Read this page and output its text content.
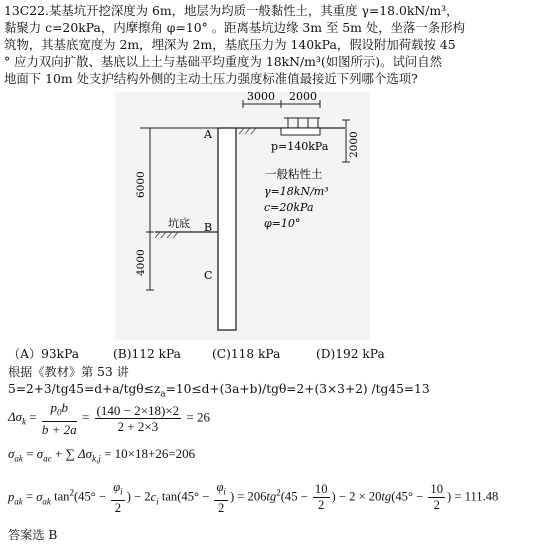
13C22.某基坑开挖深度为 6m，地层为均质一般黏性土，其重度 γ=18.0kN/m³，
黏聚力 c=20kPa，内摩擦角 φ=10° 。距离基坑边缘 3m 至 5m 处，坐落一条形构
筑物，其基底宽度为 2m，埋深为 2m，基底压力为 140kPa，假设附加荷载按 45
° 应力双向扩散、基底以上土与基础平均重度为 18kN/m³(如图所示)。试问自然
地面下 10m 处支护结构外侧的主动土压力强度标准值最接近下列哪个选项?
3000 2000
A
B
C
p=140kPa 2000
一般粘性土
γ=18kN/m³
c=20kPa
φ=10°
6000
4000
坑底
（A）93kPa	(B)112 kPa	(C)118 kPa	(D)192 kPa
根据《教材》第 53 讲
$5=2+3/tg45=d+a/tg\theta\le z_a=10\le d+(3a+b)/tg\theta=2+(3\times 3+2)$ /tg45=13
$\Delta\sigma_k = \frac{p_0b}{b + 2a} = \frac{(140 - 2\times 18)\times 2}{2 + 2\times 3} = 26$
$\sigma_{ak} = \sigma_{ac}$ + ∑ $\Delta\sigma_{k,j} = 10\times 18+26=206$
$p_{ak} = \sigma_{ak}$ $\tan^2(45^\circ - \frac{\varphi_i}{2}$ ) − $2c_i$ $\tan(45^\circ - \frac{\varphi_i}{2}$ ) = $206tg^2(45 - \frac{10}{2}$ ) − $2 \times 20tg(45^\circ - \frac{10}{2}$ ) = 111.48
答案选 B
